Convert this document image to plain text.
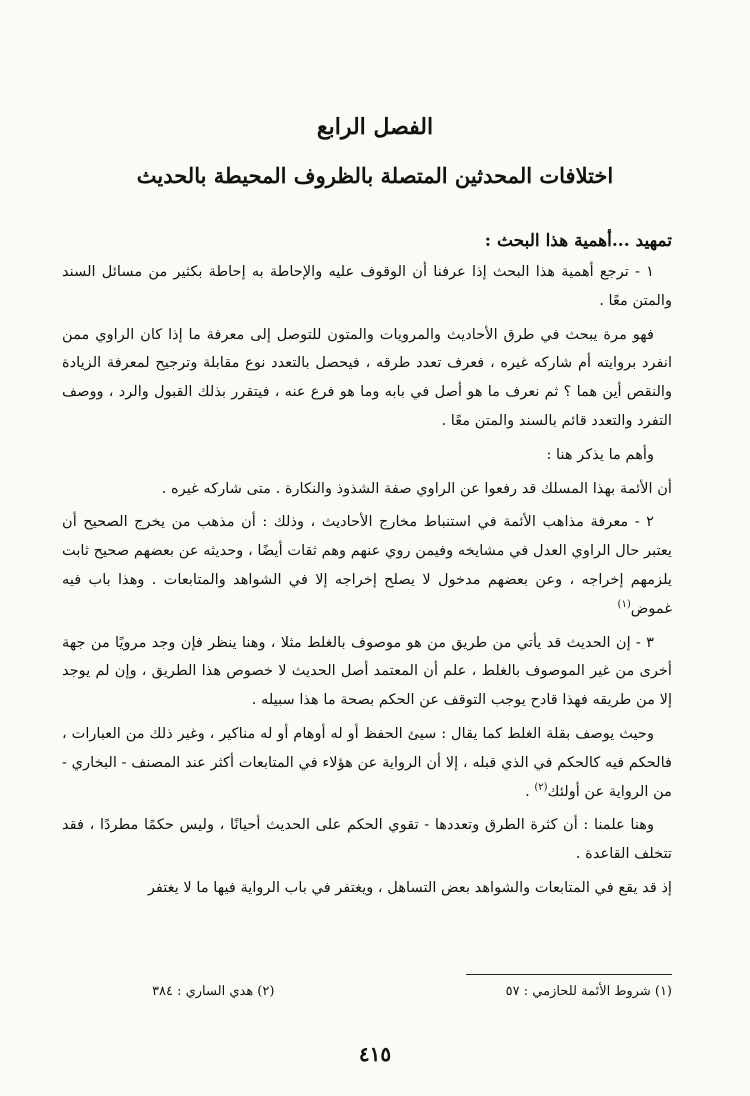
الفصل الرابع
اختلافات المحدثين المتصلة بالظروف المحيطة بالحديث

تمهيد ...أهمية هذا البحث :

١ - ترجع أهمية هذا البحث إذا عرفنا أن الوقوف عليه والإحاطة به إحاطة بكثير من مسائل السند والمتن معًا .

فهو مرة يبحث في طرق الأحاديث والمرويات والمتون للتوصل إلى معرفة ما إذا كان الراوي ممن انفرد بروايته أم شاركه غيره ، فعرف تعدد طرقه ، فيحصل بالتعدد نوع مقابلة وترجيح لمعرفة الزيادة والنقص أين هما ؟ ثم نعرف ما هو أصل في بابه وما هو فرع عنه ، فيتقرر بذلك القبول والرد ، ووصف التفرد والتعدد قائم بالسند والمتن معًا .

وأهم ما يذكر هنا :

أن الأئمة بهذا المسلك قد رفعوا عن الراوي صفة الشذوذ والنكارة . متى شاركه غيره .

٢ - معرفة مذاهب الأئمة في استنباط مخارج الأحاديث ، وذلك : أن مذهب من يخرج الصحيح أن يعتبر حال الراوي العدل في مشايخه وفيمن روي عنهم وهم ثقات أيضًا ، وحديثه عن بعضهم صحيح ثابت يلزمهم إخراجه ، وعن بعضهم مدخول لا يصلح إخراجه إلا في الشواهد والمتابعات . وهذا باب فيه غموض$^{(١)}$

٣ - إن الحديث قد يأتي من طريق من هو موصوف بالغلط مثلا ، وهنا ينظر فإن وجد مرويًا من جهة أخرى من غير الموصوف بالغلط ، علم أن المعتمد أصل الحديث لا خصوص هذا الطريق ، وإن لم يوجد إلا من طريقه فهذا قادح يوجب التوقف عن الحكم بصحة ما هذا سبيله .

وحيث يوصف بقلة الغلط كما يقال : سيئ الحفظ أو له أوهام أو له مناكير ، وغير ذلك من العبارات ، فالحكم فيه كالحكم في الذي قبله ، إلا أن الرواية عن هؤلاء في المتابعات أكثر عند المصنف - البخاري - من الرواية عن أولئك$^{(٢)}$ .

وهنا علمنا : أن كثرة الطرق وتعددها - تقوي الحكم على الحديث أحيانًا ، وليس حكمًا مطردًا ، فقد تتخلف القاعدة .

إذ قد يقع في المتابعات والشواهد بعض التساهل ، ويغتفر في باب الرواية فيها ما لا يغتفر

(١) شروط الأئمة للحازمي : ٥٧
(٢) هدي الساري : ٣٨٤
٤١٥
